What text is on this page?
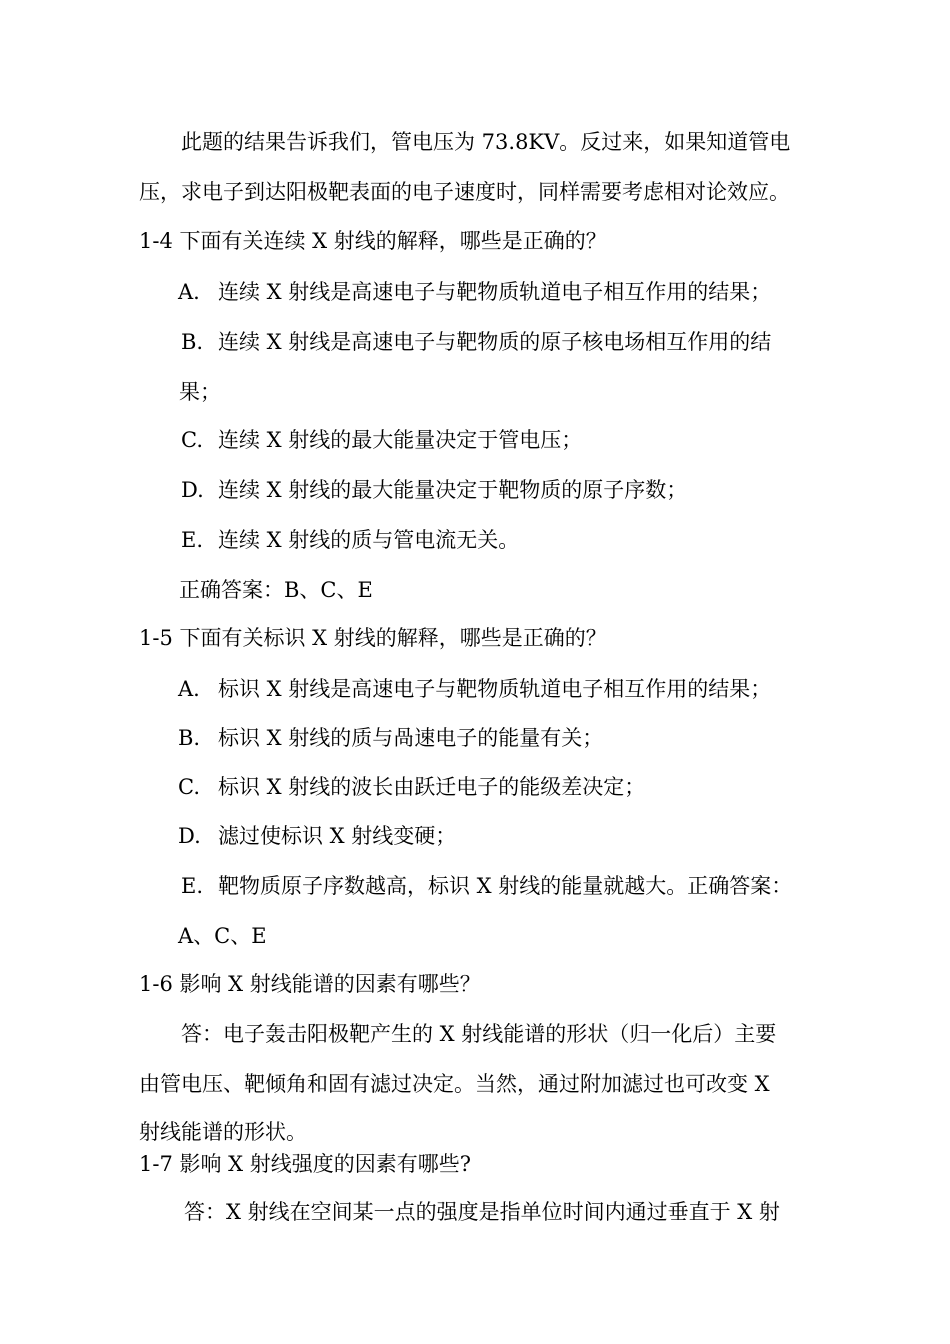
此题的结果告诉我们，管电压为 73.8KV。反过来，如果知道管电
压，求电子到达阳极靶表面的电子速度时，同样需要考虑相对论效应。
1-4 下面有关连续 X 射线的解释，哪些是正确的？
A. 连续 X 射线是高速电子与靶物质轨道电子相互作用的结果；
B. 连续 X 射线是高速电子与靶物质的原子核电场相互作用的结
果；
C. 连续 X 射线的最大能量决定于管电压；
D. 连续 X 射线的最大能量决定于靶物质的原子序数；
E. 连续 X 射线的质与管电流无关。
正确答案：B、C、E
1-5 下面有关标识 X 射线的解释，哪些是正确的？
A. 标识 X 射线是高速电子与靶物质轨道电子相互作用的结果；
B. 标识 X 射线的质与咼速电子的能量有关；
C. 标识 X 射线的波长由跃迁电子的能级差决定；
D. 滤过使标识 X 射线变硬；
E. 靶物质原子序数越高，标识 X 射线的能量就越大。正确答案：
A、C、E
1-6 影响 X 射线能谱的因素有哪些？
答：电子轰击阳极靶产生的 X 射线能谱的形状（归一化后）主要
由管电压、靶倾角和固有滤过决定。当然，通过附加滤过也可改变 X
射线能谱的形状。
1-7 影响 X 射线强度的因素有哪些?
答：X 射线在空间某一点的强度是指单位时间内通过垂直于 X 射
